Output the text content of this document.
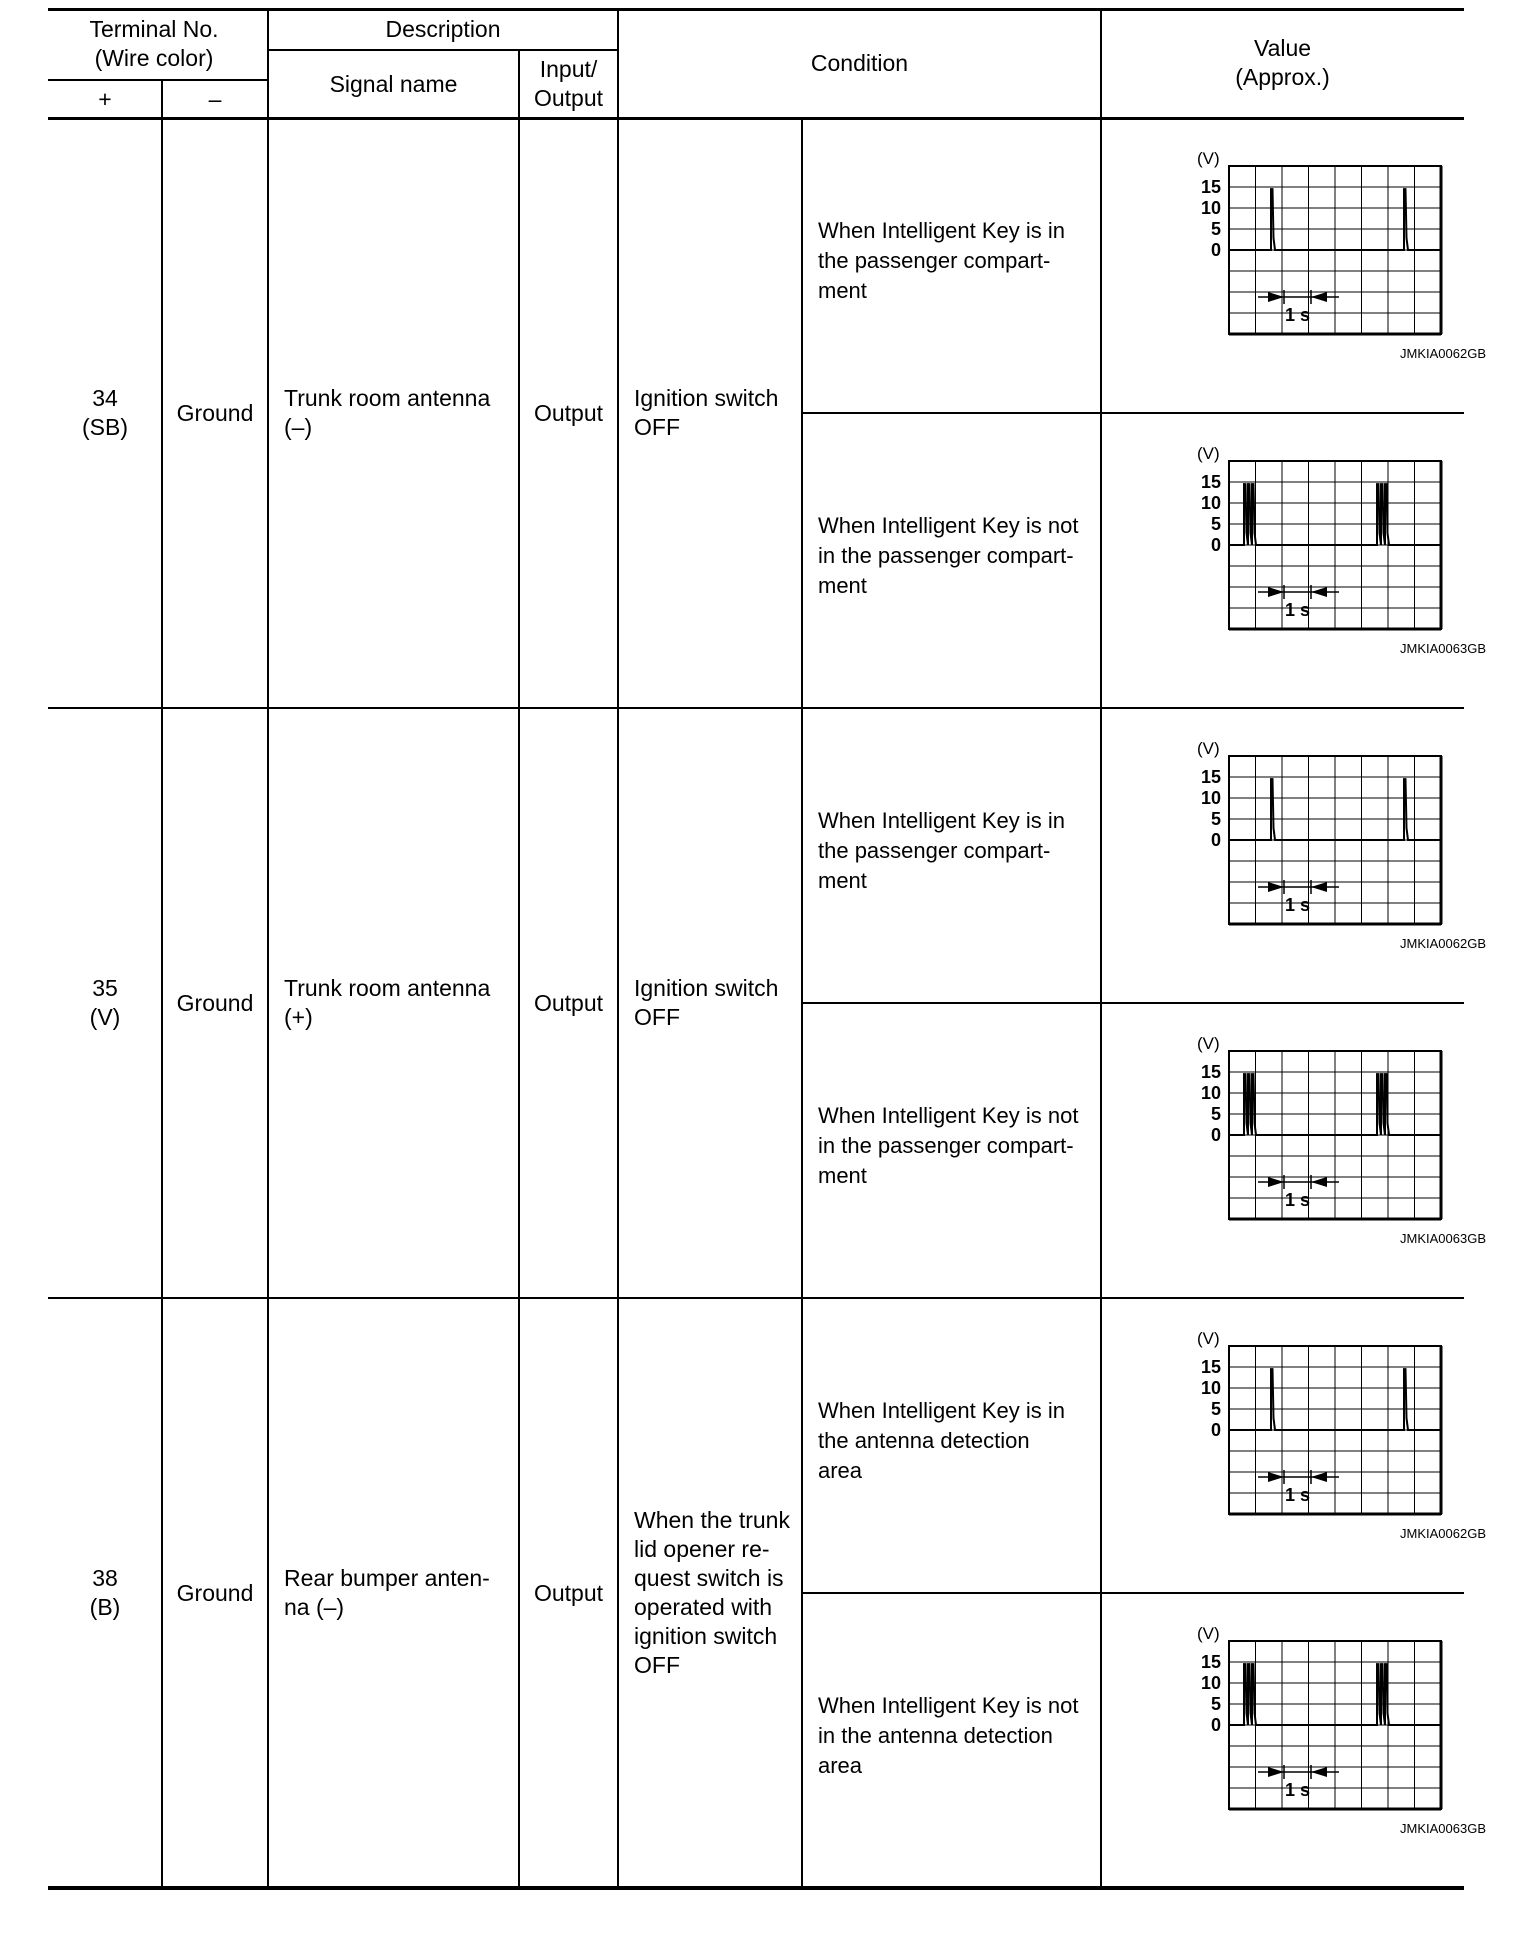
Terminal No.
(Wire color)
+	–
Description
Signal name
Input/
Output
Condition
Value
(Approx.)
34
(SB)
Ground
Trunk room antenna
(–)
Output
Ignition switch
OFF
When Intelligent Key is in
the passenger compart-
ment
(V)
15
10
5
0
1 s
JMKIA0062GB
When Intelligent Key is not
in the passenger compart-
ment
(V)
15
10
5
0
1 s
JMKIA0063GB
35
(V)
Ground
Trunk room antenna
(+)
Output
Ignition switch
OFF
When Intelligent Key is in
the passenger compart-
ment
(V)
15
10
5
0
1 s
JMKIA0062GB
When Intelligent Key is not
in the passenger compart-
ment
(V)
15
10
5
0
1 s
JMKIA0063GB
38
(B)
Ground
Rear bumper anten-
na (–)
Output
When the trunk
lid opener re-
quest switch is
operated with
ignition switch
OFF
When Intelligent Key is in
the antenna detection
area
(V)
15
10
5
0
1 s
JMKIA0062GB
When Intelligent Key is not
in the antenna detection
area
(V)
15
10
5
0
1 s
JMKIA0063GB
